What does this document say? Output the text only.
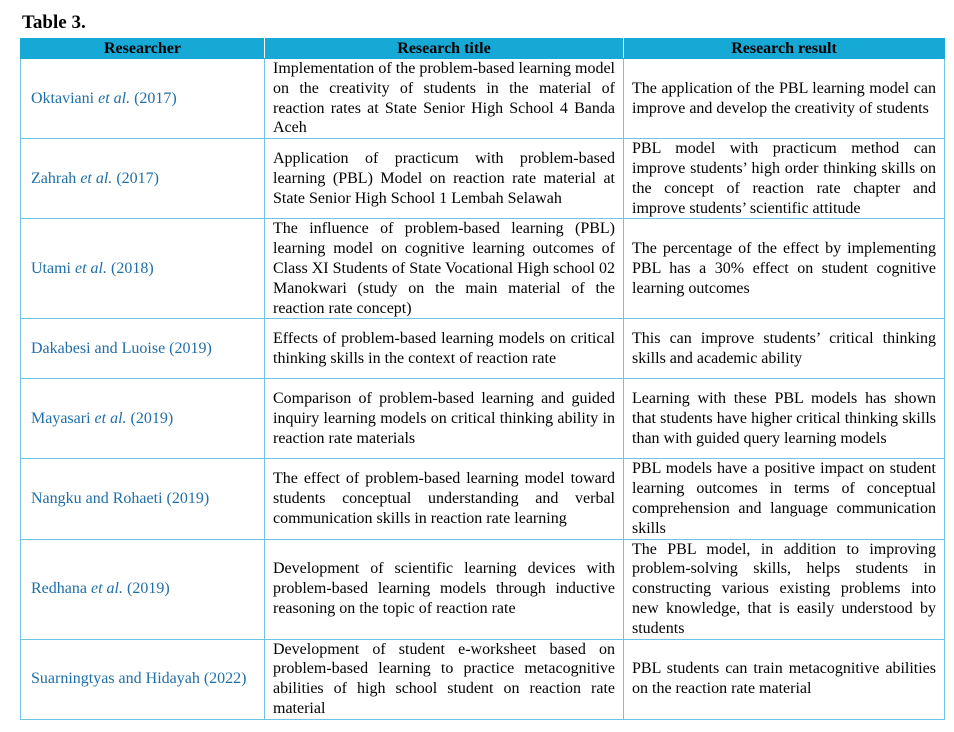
Table 3.
Researcher	Research title	Research result
Oktaviani et al. (2017)	Implementation of the problem-based learning model on the creativity of students in the material of reaction rates at State Senior High School 4 Banda Aceh	The application of the PBL learning model can improve and develop the creativity of students
Zahrah et al. (2017)	Application of practicum with problem-based learning (PBL) Model on reaction rate material at State Senior High School 1 Lembah Selawah	PBL model with practicum method can improve students’ high order thinking skills on the concept of reaction rate chapter and improve students’ scientific attitude
Utami et al. (2018)	The influence of problem-based learning (PBL) learning model on cognitive learning outcomes of Class XI Students of State Vocational High school 02 Manokwari (study on the main material of the reaction rate concept)	The percentage of the effect by implementing PBL has a 30% effect on student cognitive learning outcomes
Dakabesi and Luoise (2019)	Effects of problem-based learning models on critical thinking skills in the context of reaction rate	This can improve students’ critical thinking skills and academic ability
Mayasari et al. (2019)	Comparison of problem-based learning and guided inquiry learning models on critical thinking ability in reaction rate materials	Learning with these PBL models has shown that students have higher critical thinking skills than with guided query learning models
Nangku and Rohaeti (2019)	The effect of problem-based learning model toward students conceptual understanding and verbal communication skills in reaction rate learning	PBL models have a positive impact on student learning outcomes in terms of conceptual comprehension and language communication skills
Redhana et al. (2019)	Development of scientific learning devices with problem-based learning models through inductive reasoning on the topic of reaction rate	The PBL model, in addition to improving problem-solving skills, helps students in constructing various existing problems into new knowledge, that is easily understood by students
Suarningtyas and Hidayah (2022)	Development of student e-worksheet based on problem-based learning to practice metacognitive abilities of high school student on reaction rate material	PBL students can train metacognitive abilities on the reaction rate material
